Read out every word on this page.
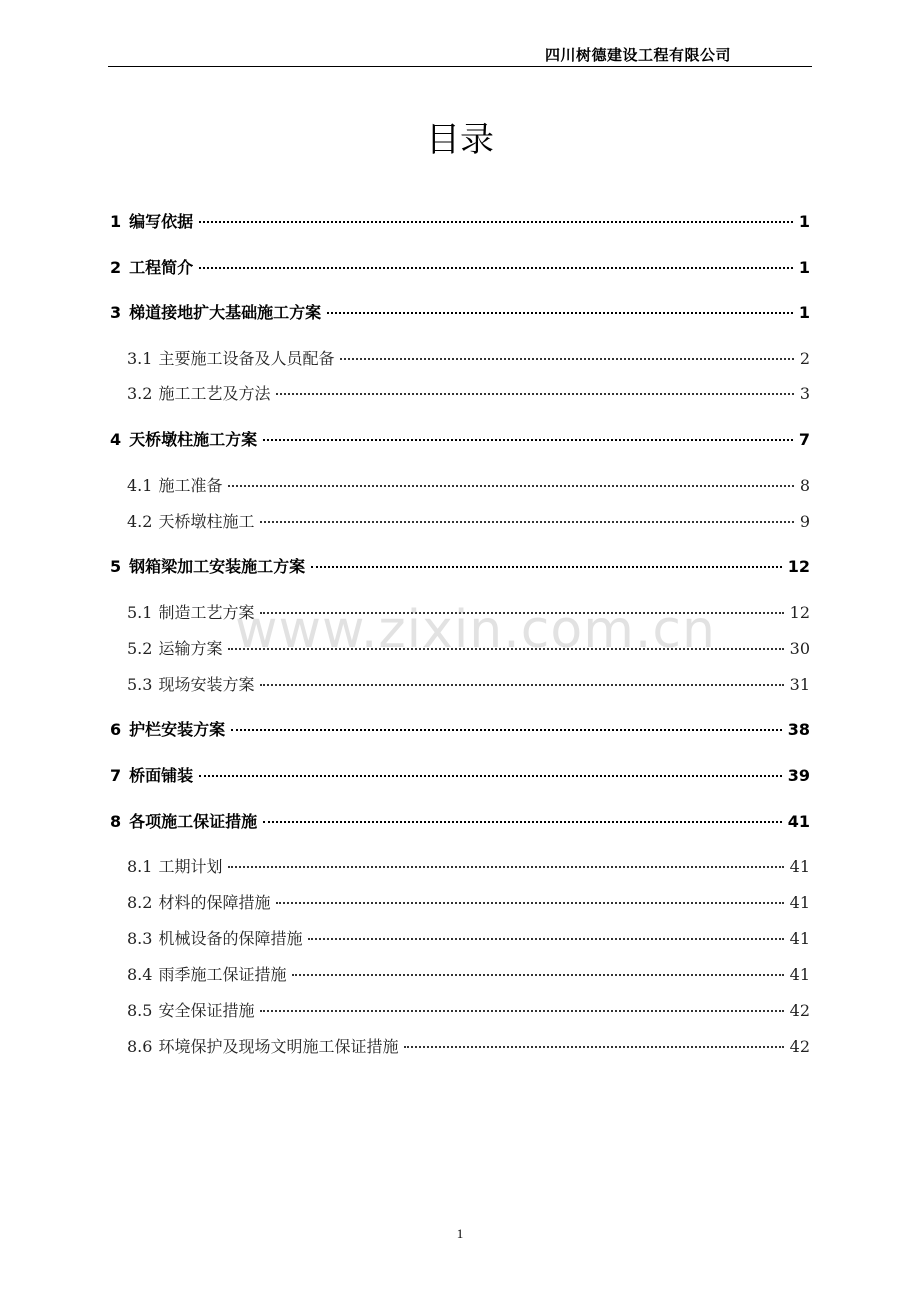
四川树德建设工程有限公司
目录
1 编写依据	1
2 工程简介	1
3 梯道接地扩大基础施工方案	1
3.1 主要施工设备及人员配备	2
3.2 施工工艺及方法	3
4 天桥墩柱施工方案	7
4.1 施工准备	8
4.2 天桥墩柱施工	9
5 钢箱梁加工安装施工方案	12
5.1 制造工艺方案	12
5.2 运输方案	30
5.3 现场安装方案	31
6 护栏安装方案	38
7 桥面铺装	39
8 各项施工保证措施	41
8.1 工期计划	41
8.2 材料的保障措施	41
8.3 机械设备的保障措施	41
8.4 雨季施工保证措施	41
8.5 安全保证措施	42
8.6 环境保护及现场文明施工保证措施	42
www.zixin.com.cn
1
